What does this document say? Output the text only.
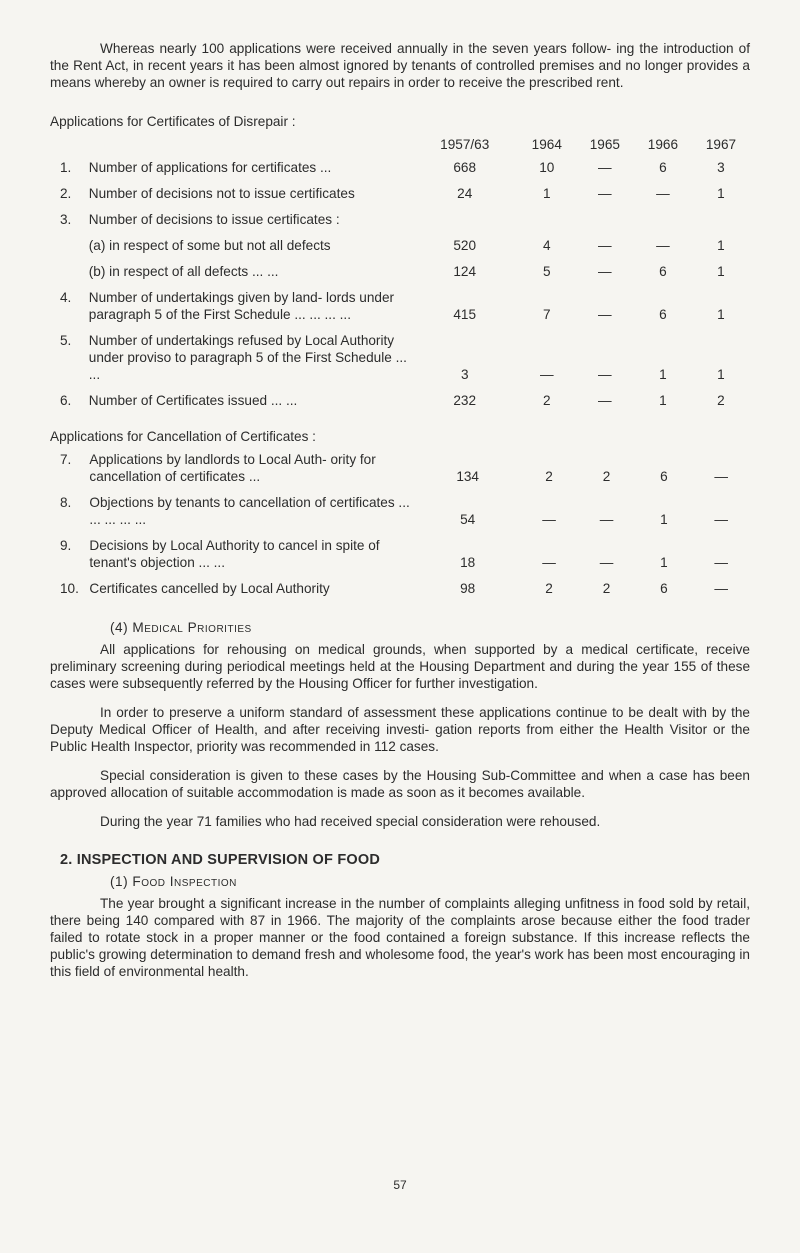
Whereas nearly 100 applications were received annually in the seven years follow- ing the introduction of the Rent Act, in recent years it has been almost ignored by tenants of controlled premises and no longer provides a means whereby an owner is required to carry out repairs in order to receive the prescribed rent.

Applications for Certificates of Disrepair :

		1957/63	1964	1965	1966	1967
1.	Number of applications for certificates ...	668	10	—	6	3
2.	Number of decisions not to issue certificates	24	1	—	—	1
3.	Number of decisions to issue certificates :					
	(a) in respect of some but not all defects	520	4	—	—	1
	(b) in respect of all defects ... ...	124	5	—	6	1
4.	Number of undertakings given by land- lords under paragraph 5 of the First Schedule ... ... ... ...	415	7	—	6	1
5.	Number of undertakings refused by Local Authority under proviso to paragraph 5 of the First Schedule ... ...	3	—	—	1	1
6.	Number of Certificates issued ... ...	232	2	—	1	2

Applications for Cancellation of Certificates :

7.	Applications by landlords to Local Auth- ority for cancellation of certificates ...	134	2	2	6	—
8.	Objections by tenants to cancellation of certificates ... ... ... ... ...	54	—	—	1	—
9.	Decisions by Local Authority to cancel in spite of tenant's objection ... ...	18	—	—	1	—
10.	Certificates cancelled by Local Authority	98	2	2	6	—
(4) Medical Priorities

All applications for rehousing on medical grounds, when supported by a medical certificate, receive preliminary screening during periodical meetings held at the Housing Department and during the year 155 of these cases were subsequently referred by the Housing Officer for further investigation.

In order to preserve a uniform standard of assessment these applications continue to be dealt with by the Deputy Medical Officer of Health, and after receiving investi- gation reports from either the Health Visitor or the Public Health Inspector, priority was recommended in 112 cases.

Special consideration is given to these cases by the Housing Sub-Committee and when a case has been approved allocation of suitable accommodation is made as soon as it becomes available.

During the year 71 families who had received special consideration were rehoused.

2. INSPECTION AND SUPERVISION OF FOOD
(1) Food Inspection

The year brought a significant increase in the number of complaints alleging unfitness in food sold by retail, there being 140 compared with 87 in 1966. The majority of the complaints arose because either the food trader failed to rotate stock in a proper manner or the food contained a foreign substance. If this increase reflects the public's growing determination to demand fresh and wholesome food, the year's work has been most encouraging in this field of environmental health.

57
